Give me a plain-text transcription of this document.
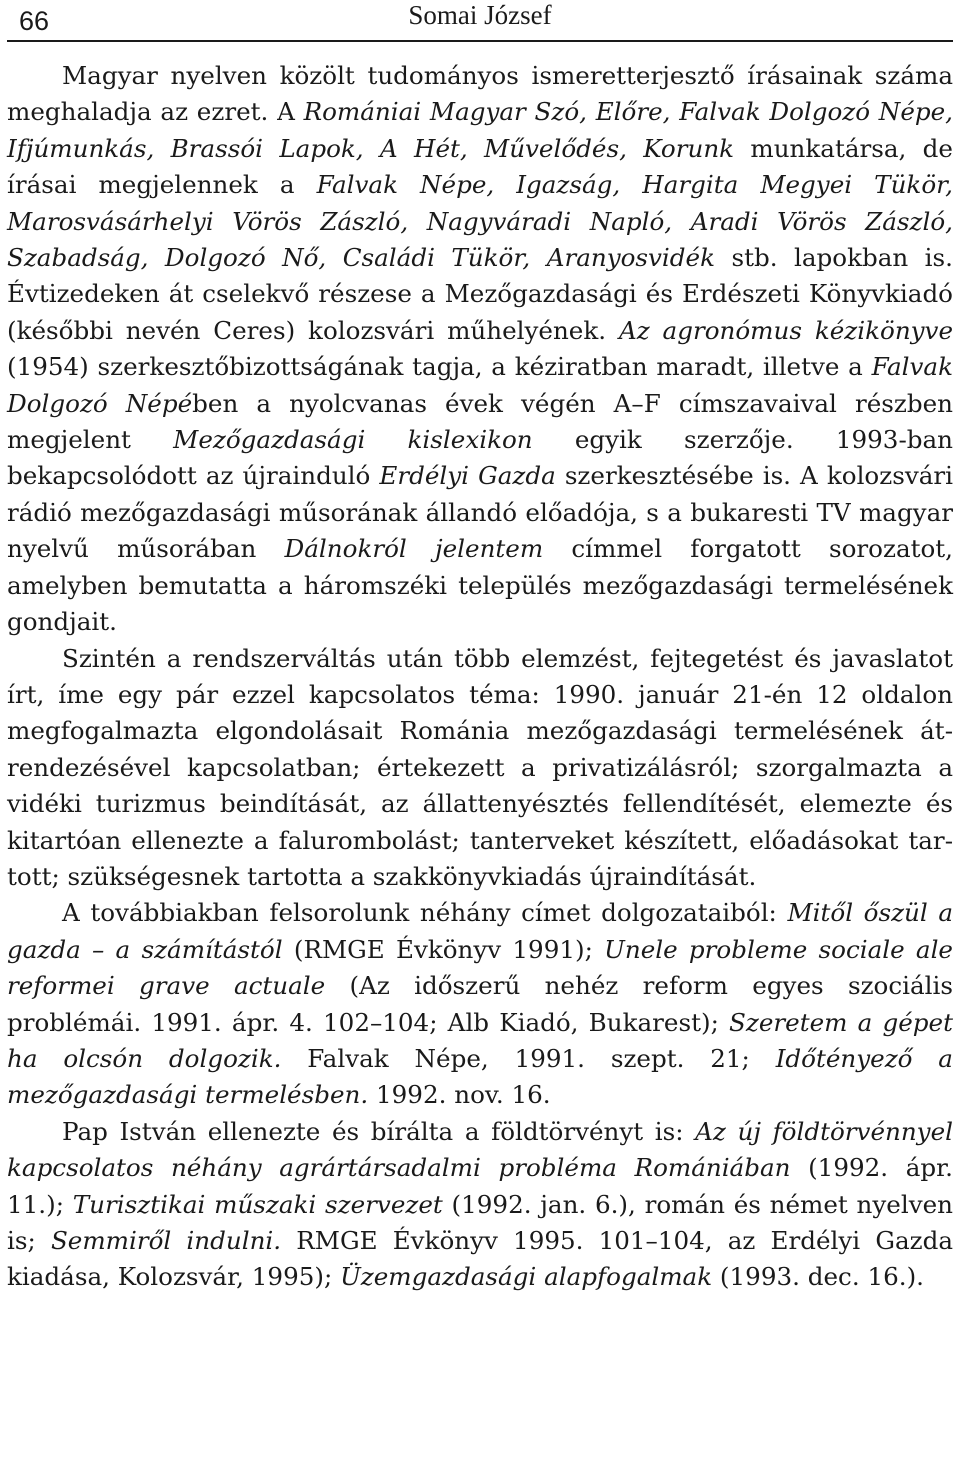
66	Somai József

Magyar nyelven közölt tudományos ismeretterjesztő írásainak száma meghaladja az ezret. A Romániai Magyar Szó, Előre, Falvak Dolgozó Népe, Ifjúmunkás, Brassói Lapok, A Hét, Művelődés, Korunk munkatársa, de írásai megjelennek a Falvak Népe, Igazság, Hargita Megyei Tükör, Marosvásárhelyi Vörös Zászló, Nagyváradi Napló, Aradi Vörös Zászló, Szabadság, Dolgozó Nő, Családi Tükör, Aranyosvidék stb. lapokban is. Évtizedeken át cselekvő részese a Mezőgazdasági és Erdészeti Könyvkiadó (későbbi nevén Ceres) kolozsvári műhelyének. Az agronómus kézikönyve (1954) szerkesztőbizottságának tagja, a kéziratban maradt, illetve a Falvak Dolgozó Népében a nyolcvanas évek végén A–F címszavaival részben megjelent Mezőgazdasági kislexikon egyik szerzője. 1993-ban bekapcsolódott az újrainduló Erdélyi Gazda szerkesztésébe is. A kolozsvári rádió mezőgazdasági műsorának állandó előadója, s a bukaresti TV magyar nyelvű műsorában Dálnokról jelentem címmel forgatott sorozatot, amelyben bemutatta a háromszéki település mezőgazdasági termelésének gondjait.

Szintén a rendszerváltás után több elemzést, fejtegetést és javaslatot írt, íme egy pár ezzel kapcsolatos téma: 1990. január 21-én 12 oldalon megfogalmazta elgondolásait Románia mezőgazdasági termelésének átrendezésével kapcsolatban; értekezett a privatizálásról; szorgalmazta a vidéki turizmus beindítását, az állattenyésztés fellendítését, elemezte és kitartóan ellenezte a falurombolást; tanterveket készített, előadásokat tartott; szükségesnek tartotta a szakkönyvkiadás újraindítását.

A továbbiakban felsorolunk néhány címet dolgozataiból: Mitől őszül a gazda – a számítástól (RMGE Évkönyv 1991); Unele probleme sociale ale reformei grave actuale (Az időszerű nehéz reform egyes szociális problémái. 1991. ápr. 4. 102–104; Alb Kiadó, Bukarest); Szeretem a gépet ha olcsón dolgozik. Falvak Népe, 1991. szept. 21; Időtényező a mezőgazdasági termelésben. 1992. nov. 16.

Pap István ellenezte és bírálta a földtörvényt is: Az új földtörvénnyel kapcsolatos néhány agrártársadalmi probléma Romániában (1992. ápr. 11.); Turisztikai műszaki szervezet (1992. jan. 6.), román és német nyelven is; Semmiről indulni. RMGE Évkönyv 1995. 101–104, az Erdélyi Gazda kiadása, Kolozsvár, 1995); Üzemgazdasági alapfogalmak (1993. dec. 16.).
